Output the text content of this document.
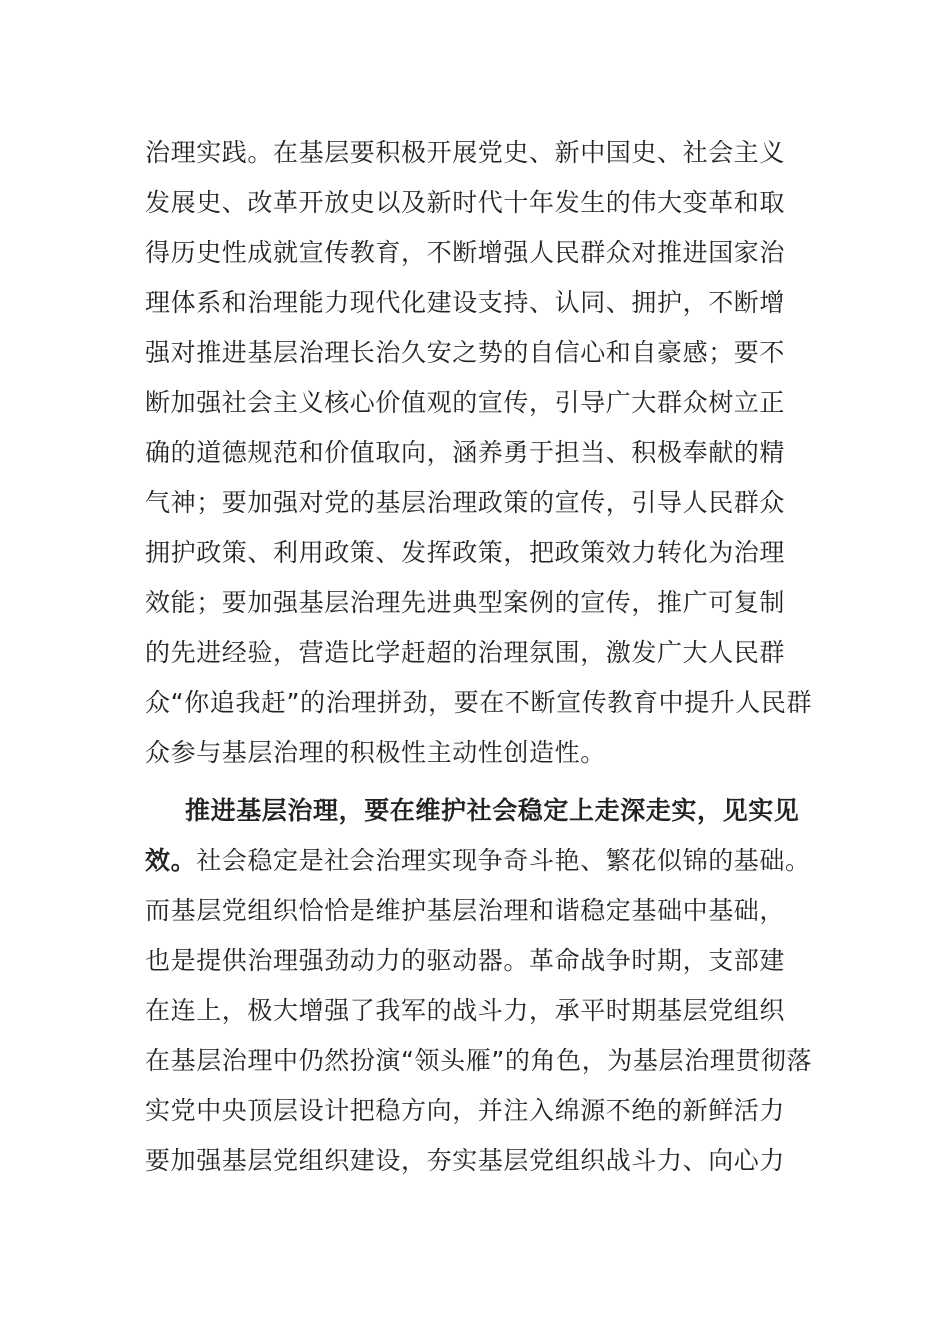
治理实践。在基层要积极开展党史、新中国史、社会主义
发展史、改革开放史以及新时代十年发生的伟大变革和取
得历史性成就宣传教育，不断增强人民群众对推进国家治
理体系和治理能力现代化建设支持、认同、拥护，不断增
强对推进基层治理长治久安之势的自信心和自豪感；要不
断加强社会主义核心价值观的宣传，引导广大群众树立正
确的道德规范和价值取向，涵养勇于担当、积极奉献的精
气神；要加强对党的基层治理政策的宣传，引导人民群众
拥护政策、利用政策、发挥政策，把政策效力转化为治理
效能；要加强基层治理先进典型案例的宣传，推广可复制
的先进经验，营造比学赶超的治理氛围，激发广大人民群
众“你追我赶”的治理拼劲，要在不断宣传教育中提升人民群
众参与基层治理的积极性主动性创造性。
推进基层治理，要在维护社会稳定上走深走实，见实见
效。社会稳定是社会治理实现争奇斗艳、繁花似锦的基础。
而基层党组织恰恰是维护基层治理和谐稳定基础中基础，
也是提供治理强劲动力的驱动器。革命战争时期，支部建
在连上，极大增强了我军的战斗力，承平时期基层党组织
在基层治理中仍然扮演“领头雁”的角色，为基层治理贯彻落
实党中央顶层设计把稳方向，并注入绵源不绝的新鲜活力
要加强基层党组织建设，夯实基层党组织战斗力、向心力
